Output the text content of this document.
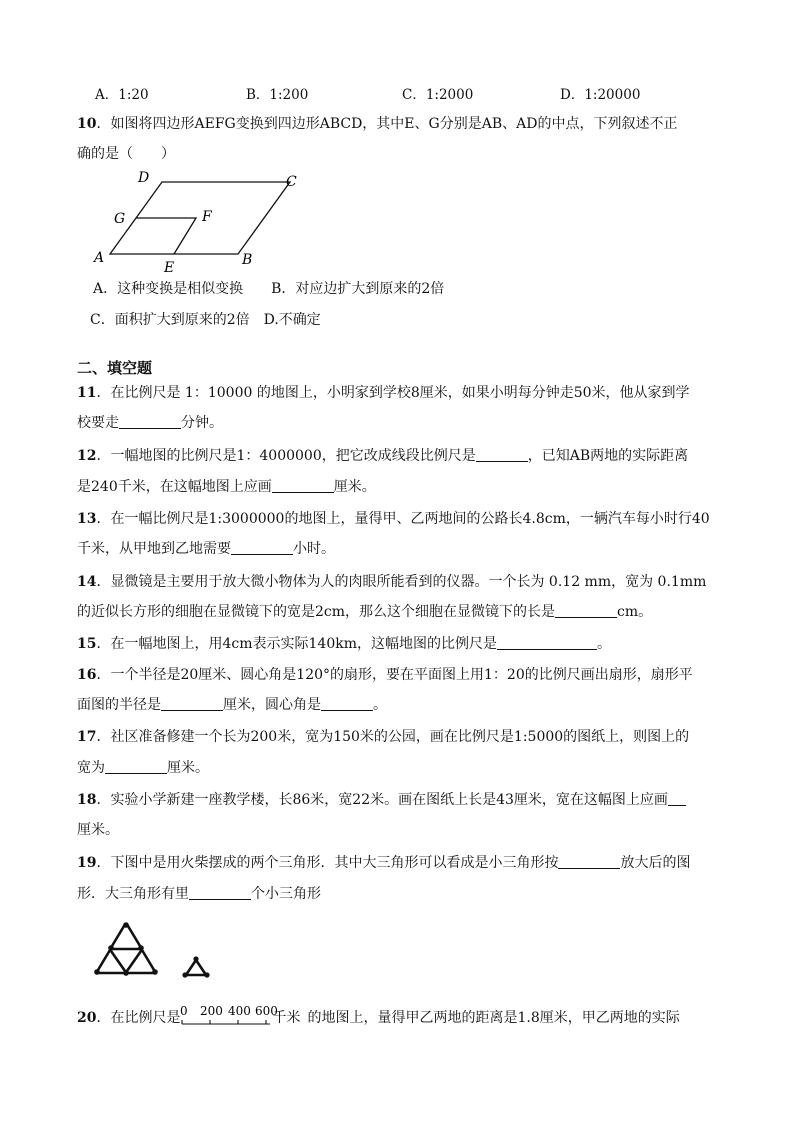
A．1:20	B．1:200	C．1:2000	D．1:20000
10．如图将四边形AEFG变换到四边形ABCD，其中E、G分别是AB、AD的中点，下列叙述不正
确的是（　　）
A	B
C
D
E
F
G
A．这种变换是相似变换　　B．对应边扩大到原来的2倍
C．面积扩大到原来的2倍　D.不确定
二、填空题
11．在比例尺是 1：10000 的地图上，小明家到学校8厘米，如果小明每分钟走50米，他从家到学
校要走	分钟。
12．一幅地图的比例尺是1：4000000，把它改成线段比例尺是	，已知AB两地的实际距离
是240千米，在这幅地图上应画	厘米。
13．在一幅比例尺是1:3000000的地图上，量得甲、乙两地间的公路长4.8cm，一辆汽车每小时行40
千米，从甲地到乙地需要	小时。
14．显微镜是主要用于放大微小物体为人的肉眼所能看到的仪器。一个长为 0.12 mm，宽为 0.1mm
的近似长方形的细胞在显微镜下的宽是2cm，那么这个细胞在显微镜下的长是	cm。
15．在一幅地图上，用4cm表示实际140km，这幅地图的比例尺是	。
16．一个半径是20厘米、圆心角是120°的扇形，要在平面图上用1：20的比例尺画出扇形，扇形平
面图的半径是	厘米，圆心角是	。
17．社区准备修建一个长为200米，宽为150米的公园，画在比例尺是1:5000的图纸上，则图上的
宽为	厘米。
18．实验小学新建一座教学楼，长86米，宽22米。画在图纸上长是43厘米，宽在这幅图上应画
厘米。
19．下图中是用火柴摆成的两个三角形．其中大三角形可以看成是小三角形按	放大后的图
形．大三角形有里	个小三角形
20．在比例尺是 0 200 400 600
千米  的地图上，量得甲乙两地的距离是1.8厘米，甲乙两地的实际
